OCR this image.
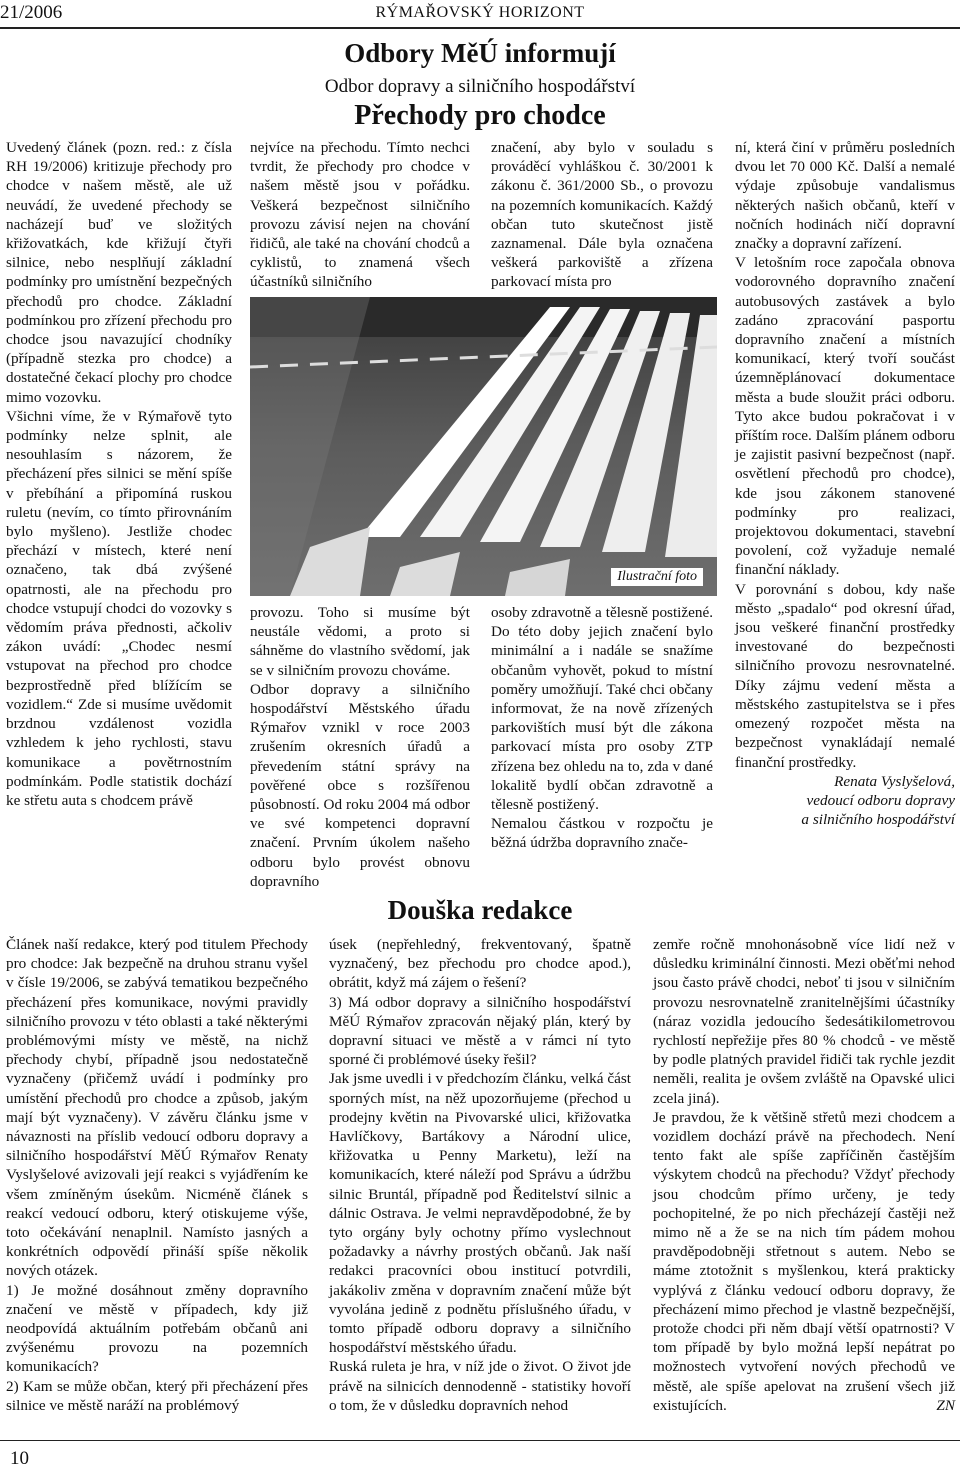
21/2006	RÝMAŘOVSKÝ HORIZONT
Odbory MěÚ informují
Odbor dopravy a silničního hospodářství
Přechody pro chodce

Uvedený článek (pozn. red.: z čísla RH 19/2006) kritizuje přechody pro chodce v našem městě, ale už neuvádí, že uvedené přechody se nacházejí buď ve složitých křižovatkách, kde křižují čtyři silnice, nebo nesplňují základní podmínky pro umístnění bezpečných přechodů pro chodce. Základní podmínkou pro zřízení přechodu pro chodce jsou navazující chodníky (případně stezka pro chodce) a dostatečné čekací plochy pro chodce mimo vozovku.

Všichni víme, že v Rýmařově tyto podmínky nelze splnit, ale nesouhlasím s názorem, že přecházení přes silnici se mění spíše v přebíhání a připomíná ruskou ruletu (nevím, co tímto přirovnáním bylo myšleno). Jestliže chodec přechází v místech, které není označeno, tak dbá zvýšené opatrnosti, ale na přechodu pro chodce vstupují chodci do vozovky s vědomím práva přednosti, ačkoliv zákon uvádí: „Chodec nesmí vstupovat na přechod pro chodce bezprostředně před blížícím se vozidlem.“ Zde si musíme uvědomit brzdnou vzdálenost vozidla vzhledem k jeho rychlosti, stavu komunikace a povětrnostním podmínkám. Podle statistik dochází ke střetu auta s chodcem právě

nejvíce na přechodu. Tímto nechci tvrdit, že přechody pro chodce v našem městě jsou v pořádku. Veškerá bezpečnost silničního provozu závisí nejen na chování řidičů, ale také na chování chodců a cyklistů, to znamená všech účastníků silničního

značení, aby bylo v souladu s prováděcí vyhláškou č. 30/2001 k zákonu č. 361/2000 Sb., o provozu na pozemních komunikacích. Každý občan tuto skutečnost jistě zaznamenal. Dále byla označena veškerá parkoviště a zřízena parkovací místa pro

Ilustrační foto

provozu. Toho si musíme být neustále vědomi, a proto si sáhněme do vlastního svědomí, jak se v silničním provozu chováme.

Odbor dopravy a silničního hospodářství Městského úřadu Rýmařov vznikl v roce 2003 zrušením okresních úřadů a převedením státní správy na pověřené obce s rozšířenou působností. Od roku 2004 má odbor ve své kompetenci dopravní značení. Prvním úkolem našeho odboru bylo provést obnovu dopravního

osoby zdravotně a tělesně postižené. Do této doby jejich značení bylo minimální a i nadále se snažíme občanům vyhovět, pokud to místní poměry umožňují. Také chci občany informovat, že na nově zřízených parkovištích musí být dle zákona parkovací místa pro osoby ZTP zřízena bez ohledu na to, zda v dané lokalitě bydlí občan zdravotně a tělesně postižený.

Nemalou částkou v rozpočtu je běžná údržba dopravního znače-

ní, která činí v průměru posledních dvou let 70 000 Kč. Další a nemalé výdaje způsobuje vandalismus některých našich občanů, kteří v nočních hodinách ničí dopravní značky a dopravní zařízení.

V letošním roce započala obnova vodorovného dopravního značení autobusových zastávek a bylo zadáno zpracování pasportu dopravního značení a místních komunikací, který tvoří součást územněplánovací dokumentace města a bude sloužit práci odboru. Tyto akce budou pokračovat i v příštím roce. Dalším plánem odboru je zajistit pasivní bezpečnost (např. osvětlení přechodů pro chodce), kde jsou zákonem stanovené podmínky pro realizaci, projektovou dokumentaci, stavební povolení, což vyžaduje nemalé finanční náklady.

V porovnání s dobou, kdy naše město „spadalo“ pod okresní úřad, jsou veškeré finanční prostředky investované do bezpečnosti silničního provozu nesrovnatelné. Díky zájmu vedení města a městského zastupitelstva se i přes omezený rozpočet města na bezpečnost vynakládají nemalé finanční prostředky.

Renata Vyslyšelová,

vedoucí odboru dopravy

a silničního hospodářství

Douška redakce

Článek naší redakce, který pod titulem Přechody pro chodce: Jak bezpečně na druhou stranu vyšel v čísle 19/2006, se zabývá tematikou bezpečného přecházení přes komunikace, novými pravidly silničního provozu v této oblasti a také některými problémovými místy ve městě, na nichž přechody chybí, případně jsou nedostatečně vyznačeny (přičemž uvádí i podmínky pro umístění přechodů pro chodce a způsob, jakým mají být vyznačeny). V závěru článku jsme v návaznosti na příslib vedoucí odboru dopravy a silničního hospodářství MěÚ Rýmařov Renaty Vyslyšelové avizovali její reakci s vyjádřením ke všem zmíněným úsekům. Nicméně článek s reakcí vedoucí odboru, který otiskujeme výše, toto očekávání nenaplnil. Namísto jasných a konkrétních odpovědí přináší spíše několik nových otázek.

1) Je možné dosáhnout změny dopravního značení ve městě v případech, kdy již neodpovídá aktuálním potřebám občanů ani zvýšenému provozu na pozemních komunikacích?

2) Kam se může občan, který při přecházení přes silnice ve městě naráží na problémový

úsek (nepřehledný, frekventovaný, špatně vyznačený, bez přechodu pro chodce apod.), obrátit, když má zájem o řešení?

3) Má odbor dopravy a silničního hospodářství MěÚ Rýmařov zpracován nějaký plán, který by dopravní situaci ve městě a v rámci ní tyto sporné či problémové úseky řešil?

Jak jsme uvedli i v předchozím článku, velká část sporných míst, na něž upozorňujeme (přechod u prodejny květin na Pivovarské ulici, křižovatka Havlíčkovy, Bartákovy a Národní ulice, křižovatka u Penny Marketu), leží na komunikacích, které náleží pod Správu a údržbu silnic Bruntál, případně pod Ředitelství silnic a dálnic Ostrava. Je velmi nepravděpodobné, že by tyto orgány byly ochotny přímo vyslechnout požadavky a návrhy prostých občanů. Jak naší redakci pracovníci obou institucí potvrdili, jakákoliv změna v dopravním značení může být vyvolána jedině z podnětu příslušného úřadu, v tomto případě odboru dopravy a silničního hospodářství městského úřadu.

Ruská ruleta je hra, v níž jde o život. O život jde právě na silnicích dennodenně - statistiky hovoří o tom, že v důsledku dopravních nehod

zemře ročně mnohonásobně více lidí než v důsledku kriminální činnosti. Mezi oběťmi nehod jsou často právě chodci, neboť ti jsou v silničním provozu nesrovnatelně zranitelnějšími účastníky (náraz vozidla jedoucího šedesátikilometrovou rychlostí nepřežije přes 80 % chodců - ve městě by podle platných pravidel řidiči tak rychle jezdit neměli, realita je ovšem zvláště na Opavské ulici zcela jiná).

Je pravdou, že k většině střetů mezi chodcem a vozidlem dochází právě na přechodech. Není tento fakt ale spíše zapříčiněn častějším výskytem chodců na přechodu? Vždyť přechody jsou chodcům přímo určeny, je tedy pochopitelné, že po nich přecházejí častěji než mimo ně a že se na nich tím pádem mohou pravděpodobněji střetnout s autem. Nebo se máme ztotožnit s myšlenkou, která prakticky vyplývá z článku vedoucí odboru dopravy, že přecházení mimo přechod je vlastně bezpečnější, protože chodci při něm dbají větší opatrnosti? V tom případě by bylo možná lepší nepátrat po možnostech vytvoření nových přechodů ve městě, ale spíše apelovat na zrušení všech již existujících.	ZN

10
